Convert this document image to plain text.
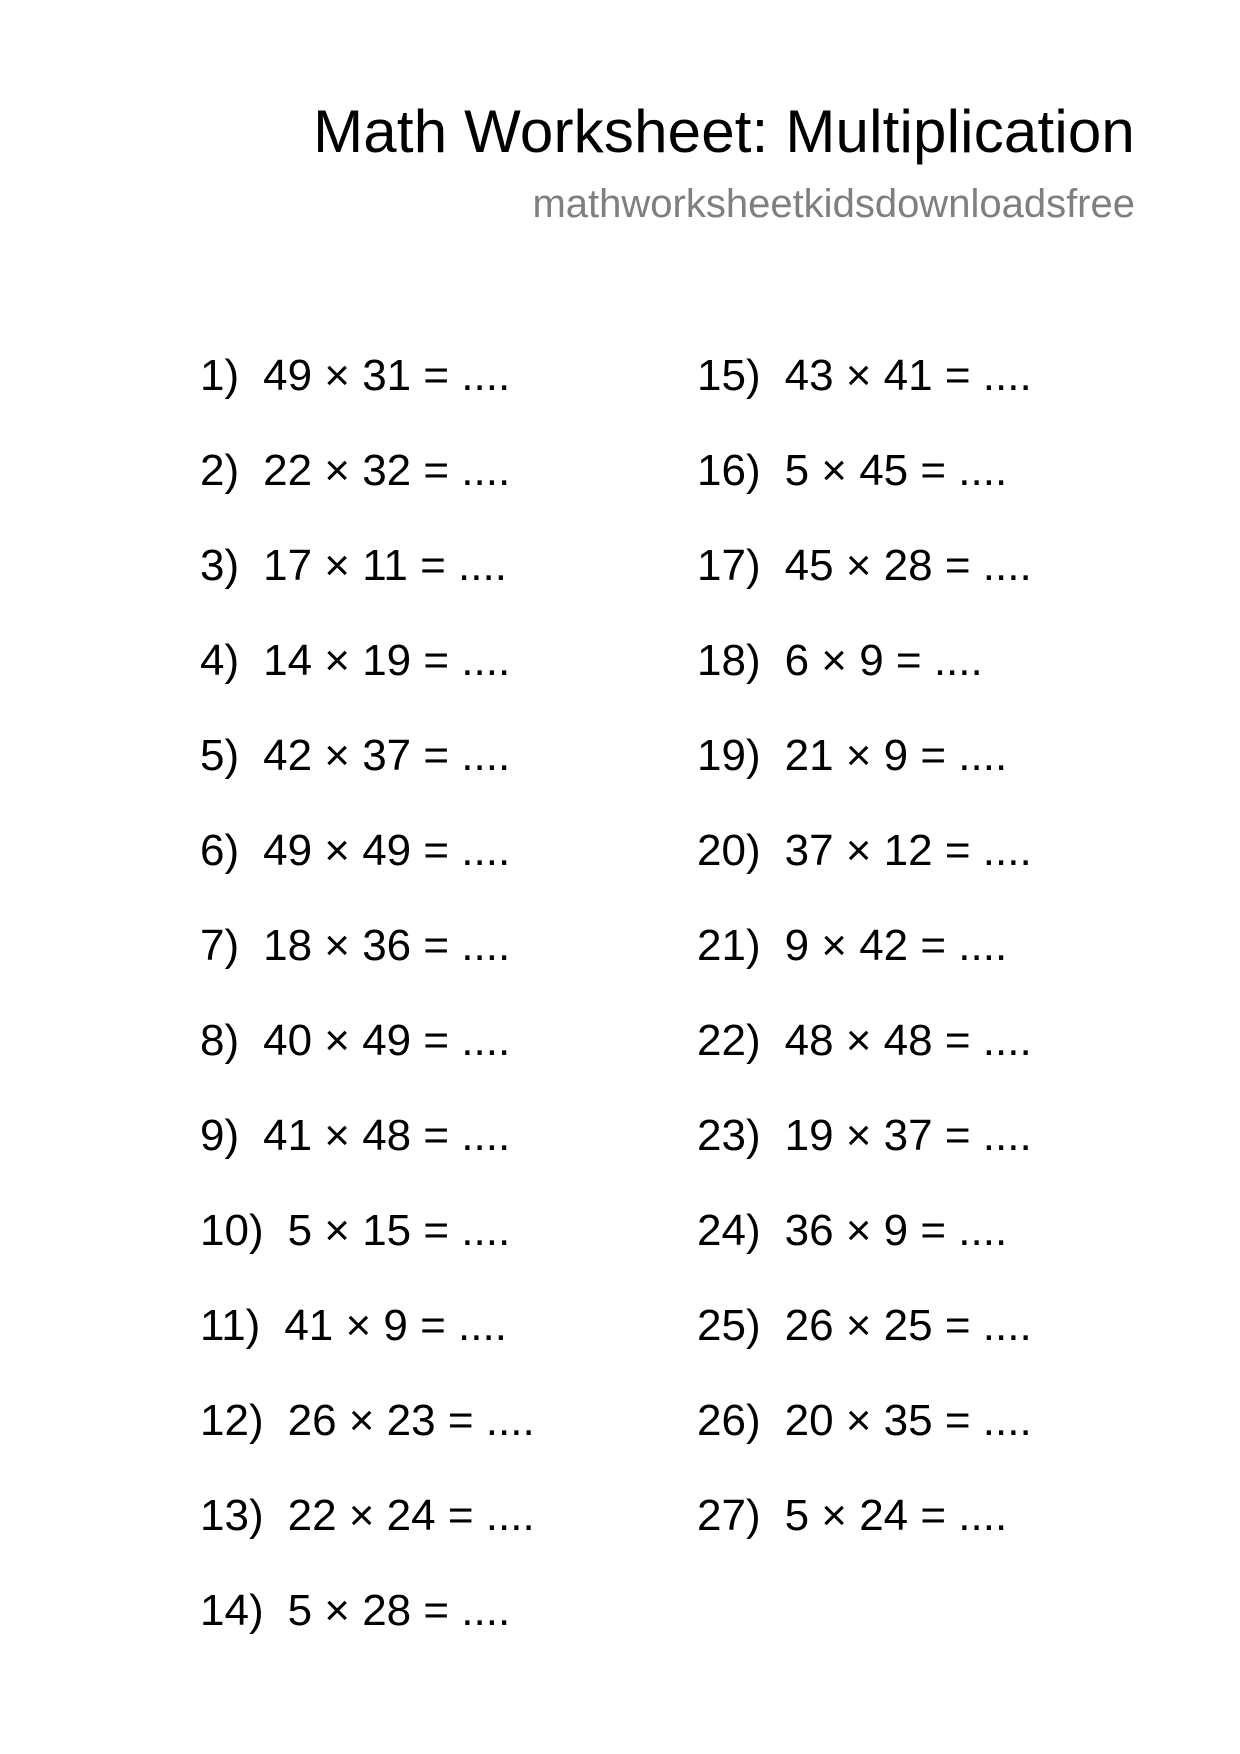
Math Worksheet: Multiplication
mathworksheetkidsdownloadsfree
1) 49 × 31 = ....
2) 22 × 32 = ....
3) 17 × 11 = ....
4) 14 × 19 = ....
5) 42 × 37 = ....
6) 49 × 49 = ....
7) 18 × 36 = ....
8) 40 × 49 = ....
9) 41 × 48 = ....
10) 5 × 15 = ....
11) 41 × 9 = ....
12) 26 × 23 = ....
13) 22 × 24 = ....
14) 5 × 28 = ....
15) 43 × 41 = ....
16) 5 × 45 = ....
17) 45 × 28 = ....
18) 6 × 9 = ....
19) 21 × 9 = ....
20) 37 × 12 = ....
21) 9 × 42 = ....
22) 48 × 48 = ....
23) 19 × 37 = ....
24) 36 × 9 = ....
25) 26 × 25 = ....
26) 20 × 35 = ....
27) 5 × 24 = ....
